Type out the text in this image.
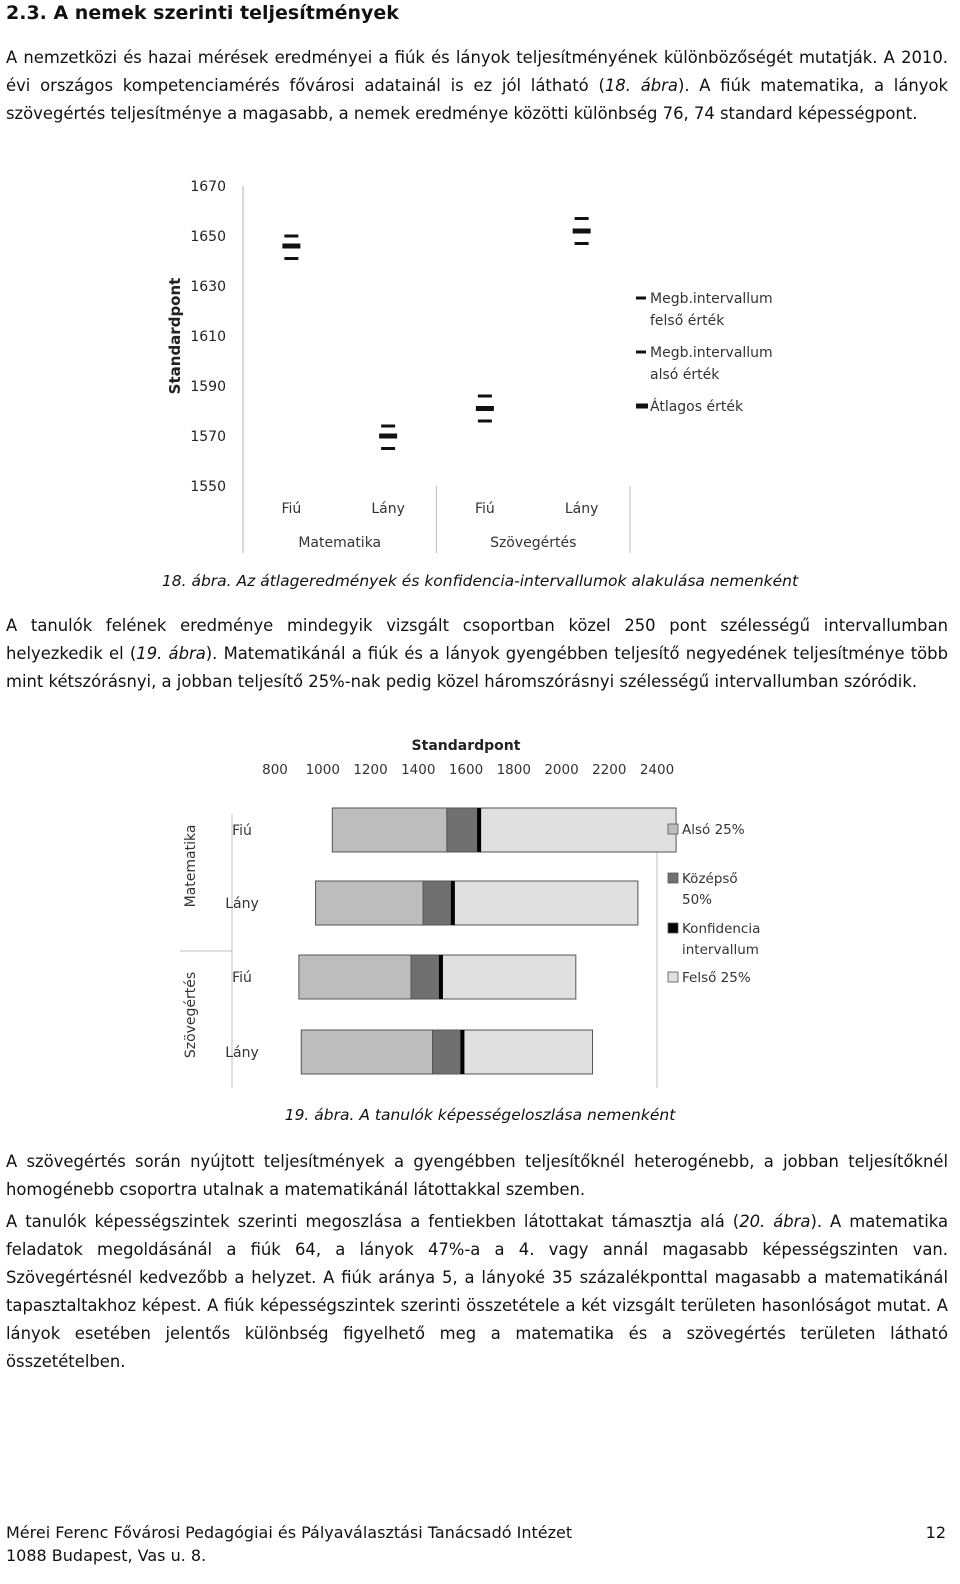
2.3. A nemek szerinti teljesítmények

A nemzetközi és hazai mérések eredményei a fiúk és lányok teljesítményének különbözőségét mutatják. A 2010. évi országos kompetenciamérés fővárosi adatainál is ez jól látható (18. ábra). A fiúk matematika, a lányok szövegértés teljesítménye a magasabb, a nemek eredménye közötti különbség 76, 74 standard képességpont.

1550
1570
1590
1610
1630
1650
1670
Standardpont
Fiú	Lány	Fiú	Lány
Matematika	Szövegértés
Megb.intervallum
felső érték
Megb.intervallum
alsó érték
Átlagos érték

18. ábra. Az átlageredmények és konfidencia-intervallumok alakulása nemenként

A tanulók felének eredménye mindegyik vizsgált csoportban közel 250 pont szélességű intervallumban helyezkedik el (19. ábra). Matematikánál a fiúk és a lányok gyengébben teljesítő negyedének teljesítménye több mint kétszórásnyi, a jobban teljesítő 25%-nak pedig közel háromszórásnyi szélességű intervallumban szóródik.

Standardpont
800 1000 1200 1400 1600 1800 2000 2200 2400
Fiú
Lány
Fiú
Lány
Matematika
Szövegértés
Alsó 25%
Középső
50%
Konfidencia
intervallum
Felső 25%

19. ábra. A tanulók képességeloszlása nemenként

A szövegértés során nyújtott teljesítmények a gyengébben teljesítőknél heterogénebb, a jobban teljesítőknél homogénebb csoportra utalnak a matematikánál látottakkal szemben.

A tanulók képességszintek szerinti megoszlása a fentiekben látottakat támasztja alá (20. ábra). A matematika feladatok megoldásánál a fiúk 64, a lányok 47%-a a 4. vagy annál magasabb képességszinten van. Szövegértésnél kedvezőbb a helyzet. A fiúk aránya 5, a lányoké 35 százalékponttal magasabb a matematikánál tapasztaltakhoz képest. A fiúk képességszintek szerinti összetétele a két vizsgált területen hasonlóságot mutat. A lányok esetében jelentős különbség figyelhető meg a matematika és a szövegértés területen látható összetételben.

Mérei Ferenc Fővárosi Pedagógiai és Pályaválasztási Tanácsadó Intézet

1088 Budapest, Vas u. 8.

12
